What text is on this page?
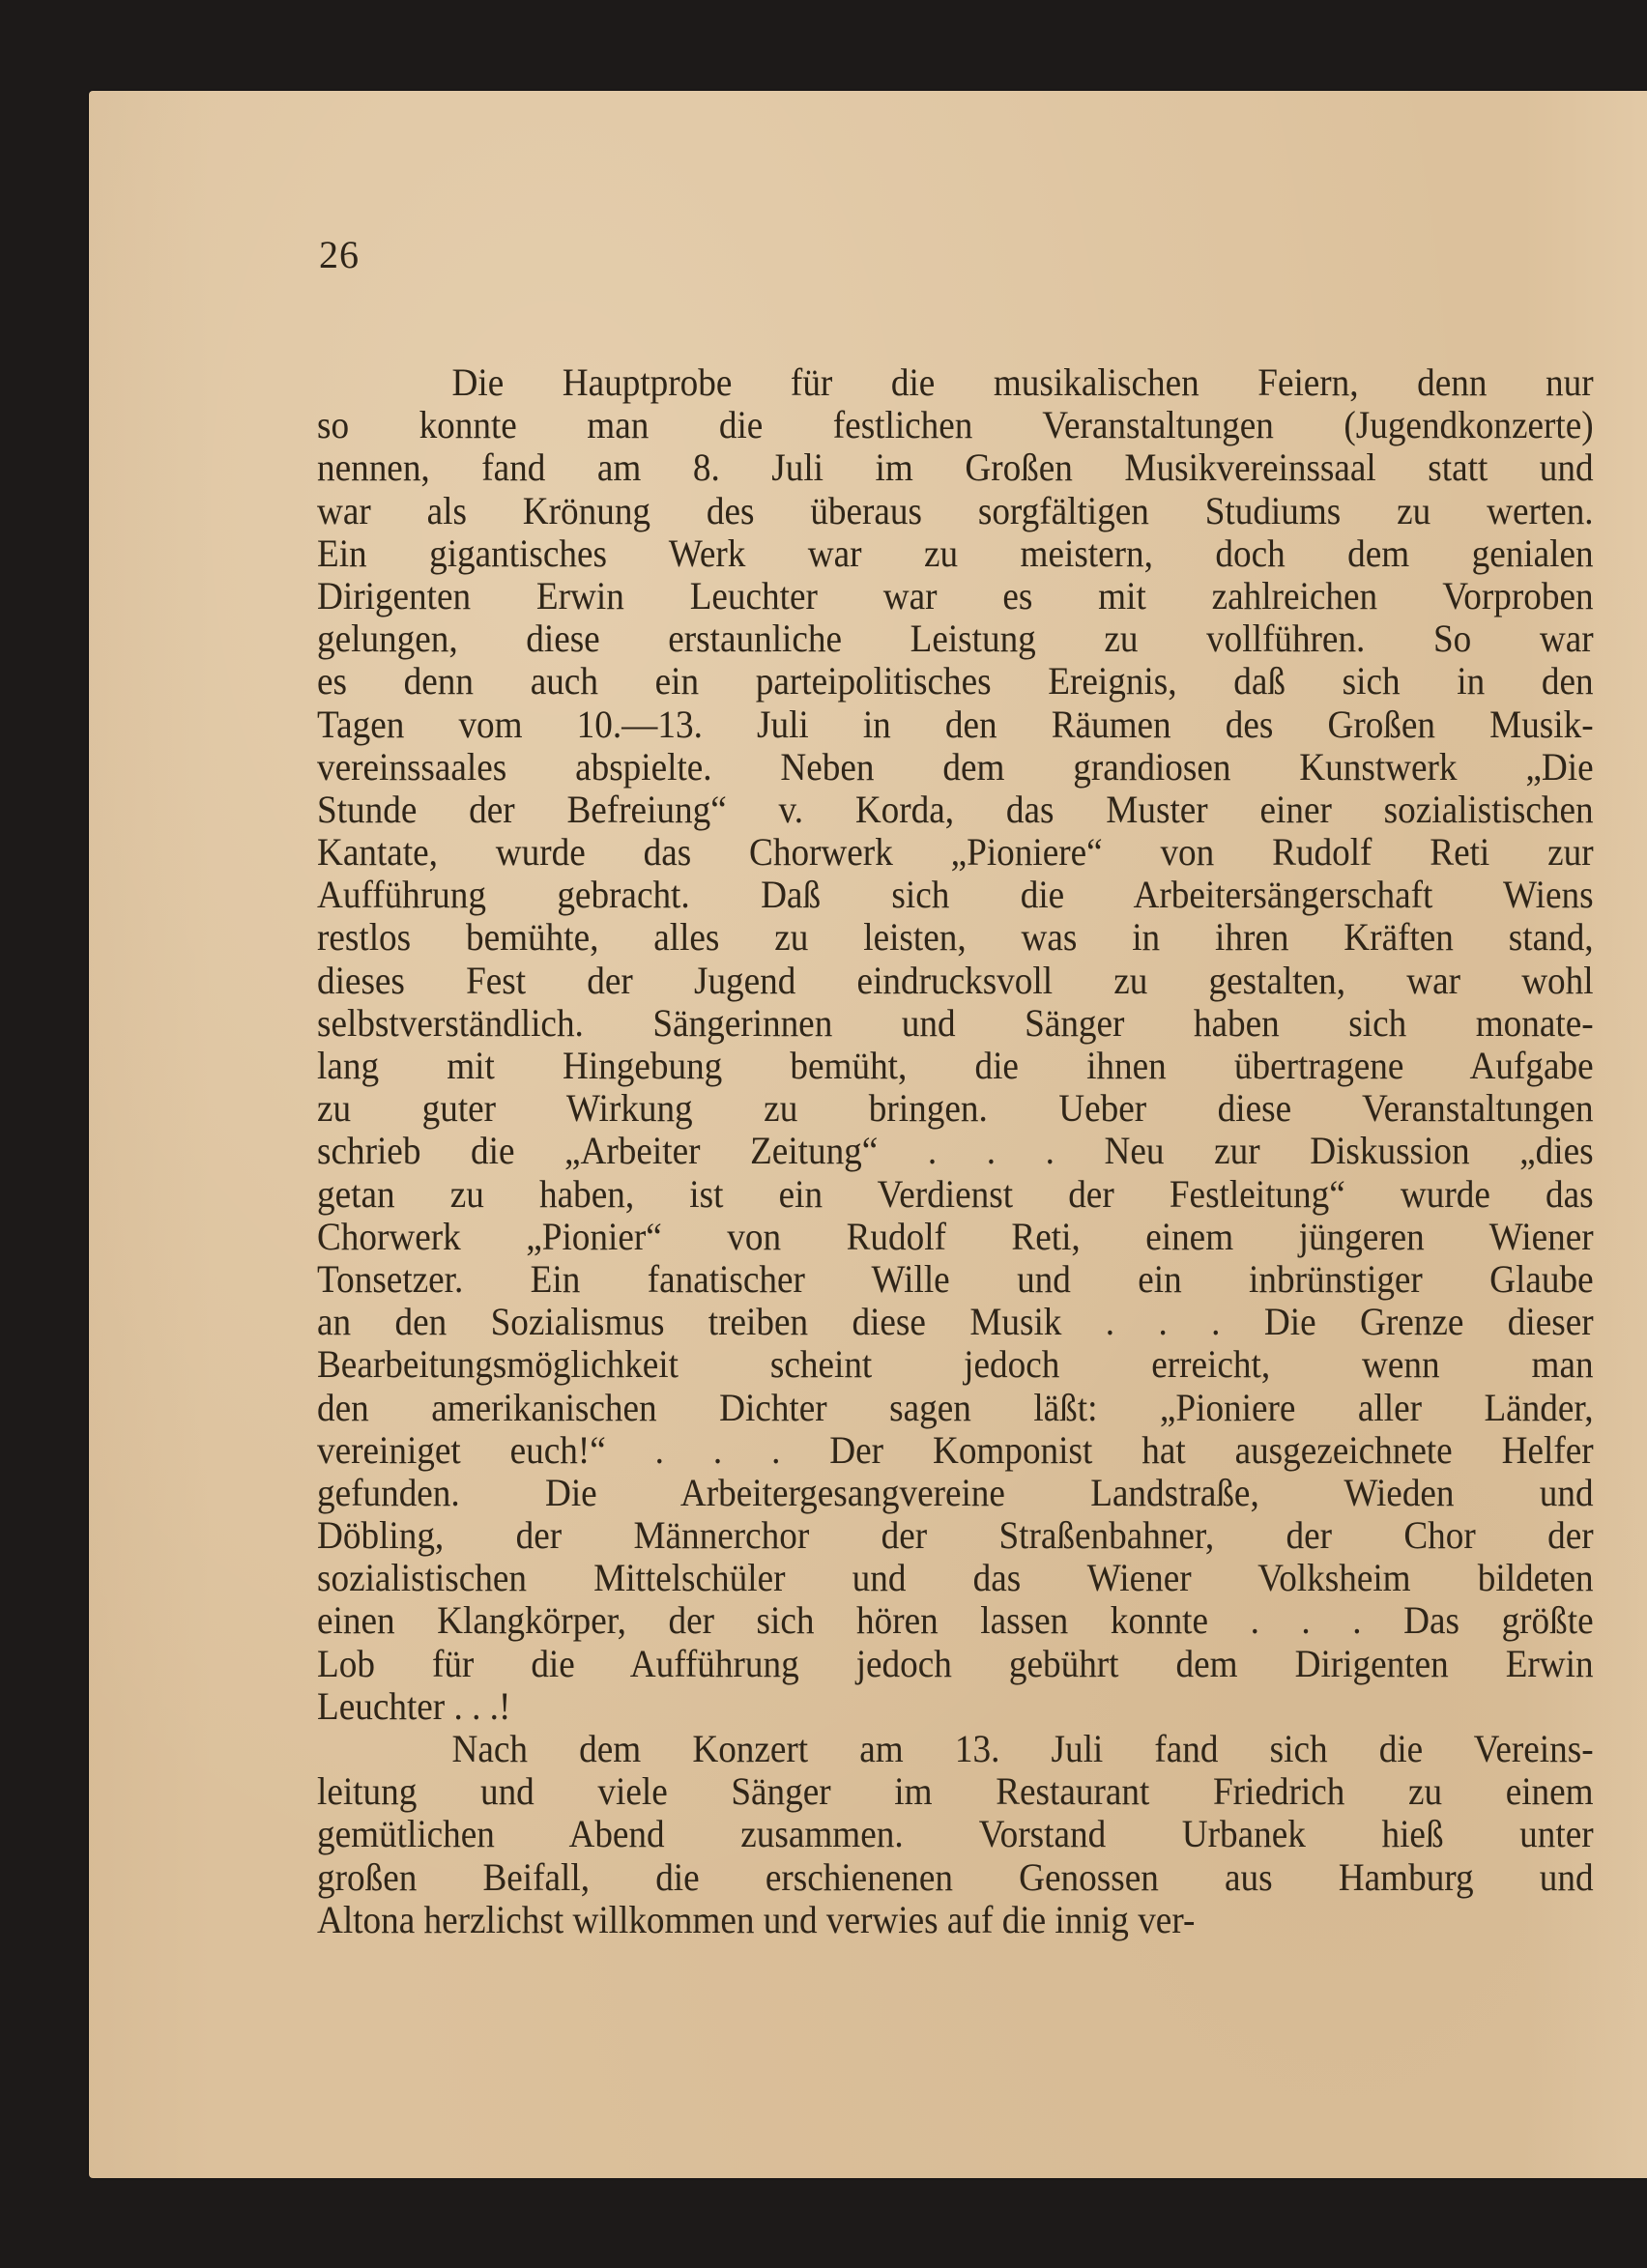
26
Die Hauptprobe für die musikalischen Feiern, denn nur
so konnte man die festlichen Veranstaltungen (Jugendkonzerte)
nennen, fand am 8. Juli im Großen Musikvereinssaal statt und
war als Krönung des überaus sorgfältigen Studiums zu werten.
Ein gigantisches Werk war zu meistern, doch dem genialen
Dirigenten Erwin Leuchter war es mit zahlreichen Vorproben
gelungen, diese erstaunliche Leistung zu vollführen. So war
es denn auch ein parteipolitisches Ereignis, daß sich in den
Tagen vom 10.—13. Juli in den Räumen des Großen Musik-
vereinssaales abspielte. Neben dem grandiosen Kunstwerk „Die
Stunde der Befreiung“ v. Korda, das Muster einer sozialistischen
Kantate, wurde das Chorwerk „Pioniere“ von Rudolf Reti zur
Aufführung gebracht. Daß sich die Arbeitersängerschaft Wiens
restlos bemühte, alles zu leisten, was in ihren Kräften stand,
dieses Fest der Jugend eindrucksvoll zu gestalten, war wohl
selbstverständlich. Sängerinnen und Sänger haben sich monate-
lang mit Hingebung bemüht, die ihnen übertragene Aufgabe
zu guter Wirkung zu bringen. Ueber diese Veranstaltungen
schrieb die „Arbeiter Zeitung“ . . . Neu zur Diskussion „dies
getan zu haben, ist ein Verdienst der Festleitung“ wurde das
Chorwerk „Pionier“ von Rudolf Reti, einem jüngeren Wiener
Tonsetzer. Ein fanatischer Wille und ein inbrünstiger Glaube
an den Sozialismus treiben diese Musik . . . Die Grenze dieser
Bearbeitungsmöglichkeit scheint jedoch erreicht, wenn man
den amerikanischen Dichter sagen läßt: „Pioniere aller Länder,
vereiniget euch!“ . . . Der Komponist hat ausgezeichnete Helfer
gefunden. Die Arbeitergesangvereine Landstraße, Wieden und
Döbling, der Männerchor der Straßenbahner, der Chor der
sozialistischen Mittelschüler und das Wiener Volksheim bildeten
einen Klangkörper, der sich hören lassen konnte . . . Das größte
Lob für die Aufführung jedoch gebührt dem Dirigenten Erwin
Leuchter . . .!
Nach dem Konzert am 13. Juli fand sich die Vereins-
leitung und viele Sänger im Restaurant Friedrich zu einem
gemütlichen Abend zusammen. Vorstand Urbanek hieß unter
großen Beifall, die erschienenen Genossen aus Hamburg und
Altona herzlichst willkommen und verwies auf die innig ver-
